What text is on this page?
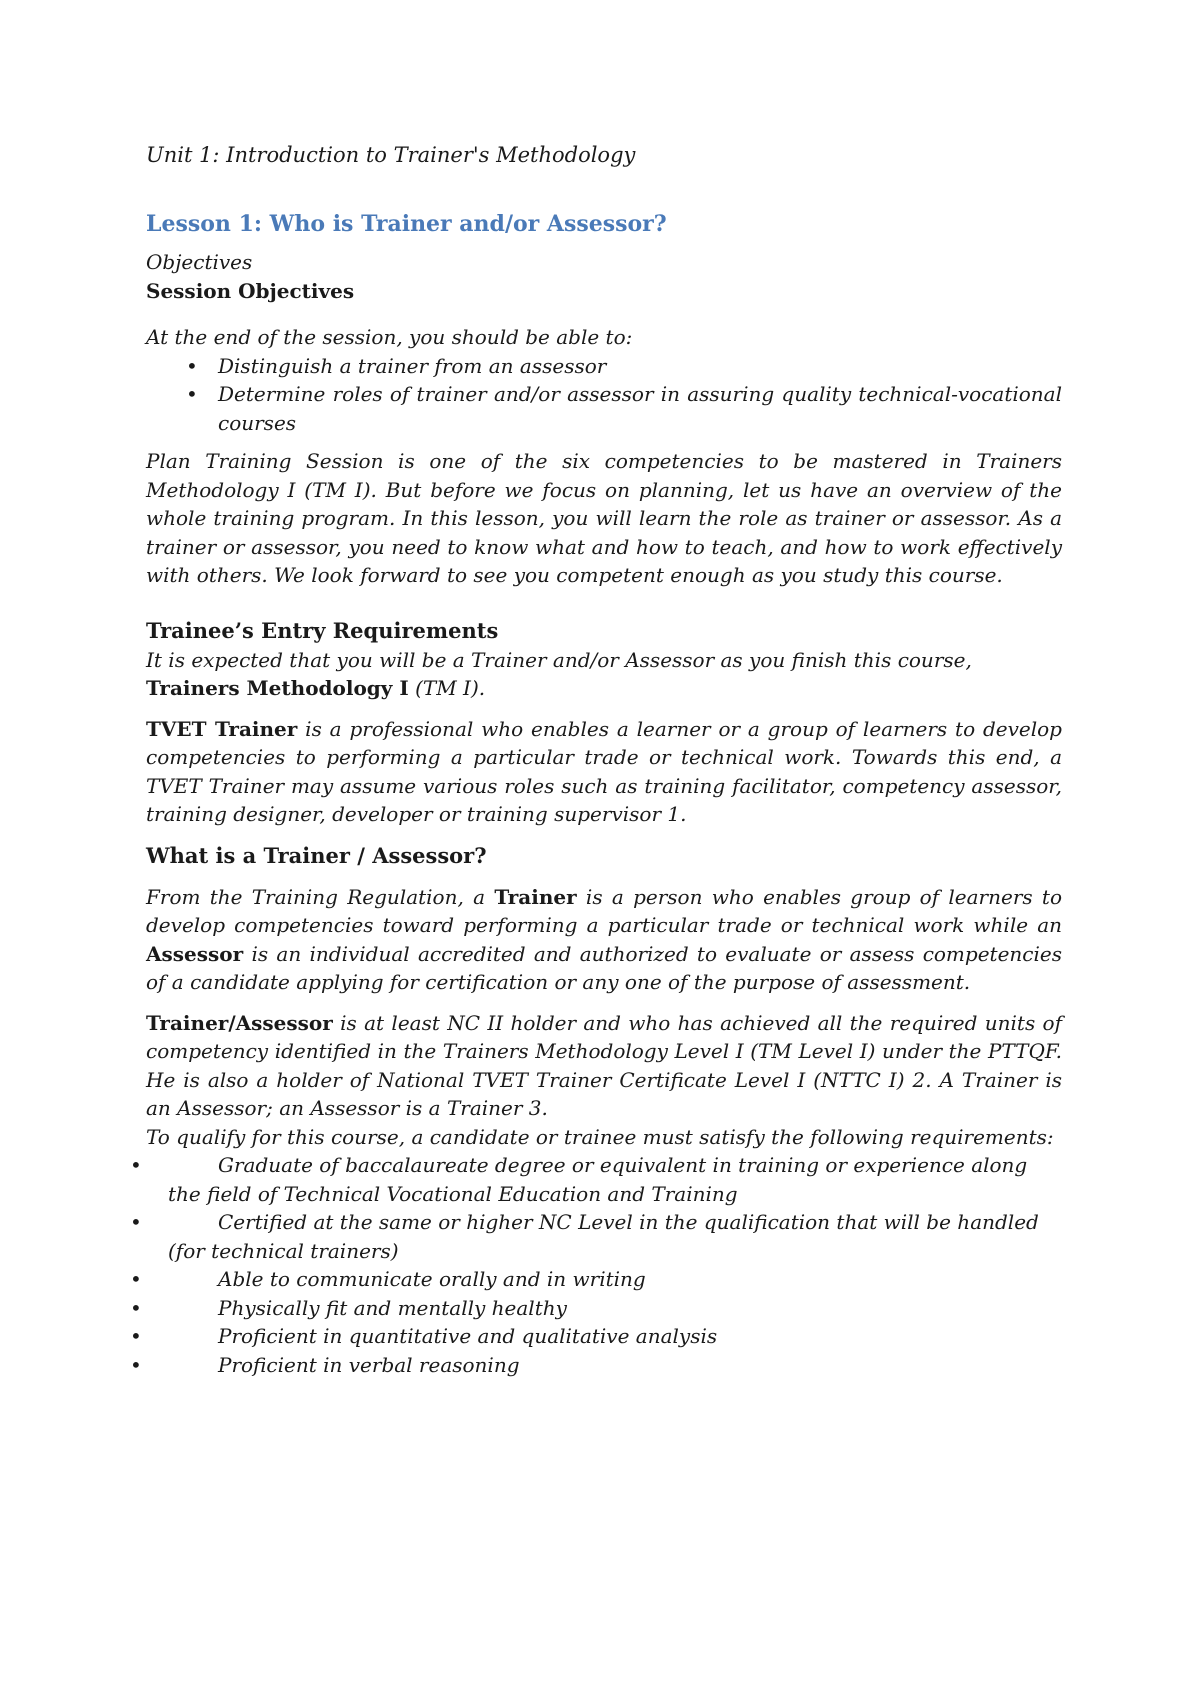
Unit 1: Introduction to Trainer's Methodology

Lesson 1: Who is Trainer and/or Assessor?

Objectives

Session Objectives

At the end of the session, you should be able to:

• Distinguish a trainer from an assessor
• Determine roles of trainer and/or assessor in assuring quality technical-vocational courses

Plan Training Session is one of the six competencies to be mastered in Trainers Methodology I (TM I). But before we focus on planning, let us have an overview of the whole training program. In this lesson, you will learn the role as trainer or assessor. As a trainer or assessor, you need to know what and how to teach, and how to work effectively with others. We look forward to see you competent enough as you study this course.

Trainee’s Entry Requirements

It is expected that you will be a Trainer and/or Assessor as you finish this course, Trainers Methodology I (TM I).

TVET Trainer is a professional who enables a learner or a group of learners to develop competencies to performing a particular trade or technical work. Towards this end, a TVET Trainer may assume various roles such as training facilitator, competency assessor, training designer, developer or training supervisor 1.

What is a Trainer / Assessor?

From the Training Regulation, a Trainer is a person who enables group of learners to develop competencies toward performing a particular trade or technical work while an Assessor is an individual accredited and authorized to evaluate or assess competencies of a candidate applying for certification or any one of the purpose of assessment.

Trainer/Assessor is at least NC II holder and who has achieved all the required units of competency identified in the Trainers Methodology Level I (TM Level I) under the PTTQF. He is also a holder of National TVET Trainer Certificate Level I (NTTC I) 2. A Trainer is an Assessor; an Assessor is a Trainer 3.

To qualify for this course, a candidate or trainee must satisfy the following requirements:

•	Graduate of baccalaureate degree or equivalent in training or experience along the field of Technical Vocational Education and Training
•	Certified at the same or higher NC Level in the qualification that will be handled (for technical trainers)
•	Able to communicate orally and in writing
•	Physically fit and mentally healthy
•	Proficient in quantitative and qualitative analysis
•	Proficient in verbal reasoning
